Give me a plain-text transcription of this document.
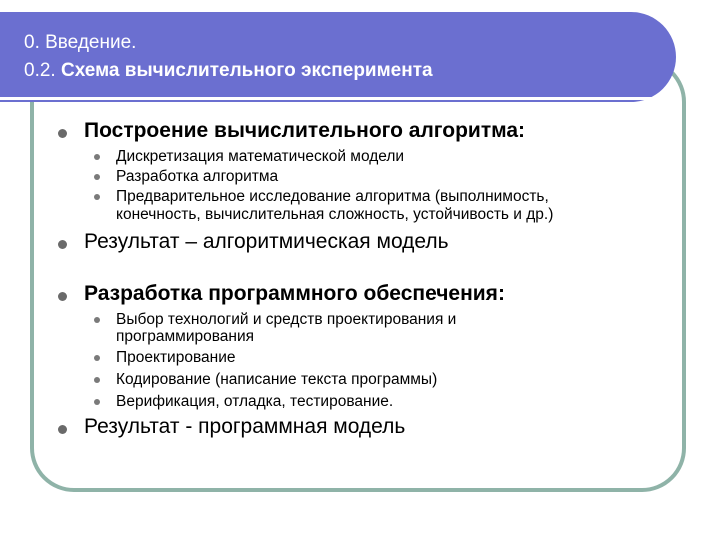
0. Введение.
0.2. Схема вычислительного эксперимента
Построение вычислительного алгоритма:
Дискретизация математической модели
Разработка алгоритма
Предварительное исследование алгоритма (выполнимость,
конечность, вычислительная сложность, устойчивость и др.)
Результат – алгоритмическая модель
Разработка программного обеспечения:
Выбор технологий и средств проектирования и
программирования
Проектирование
Кодирование (написание текста программы)
Верификация, отладка, тестирование.
Результат - программная модель
